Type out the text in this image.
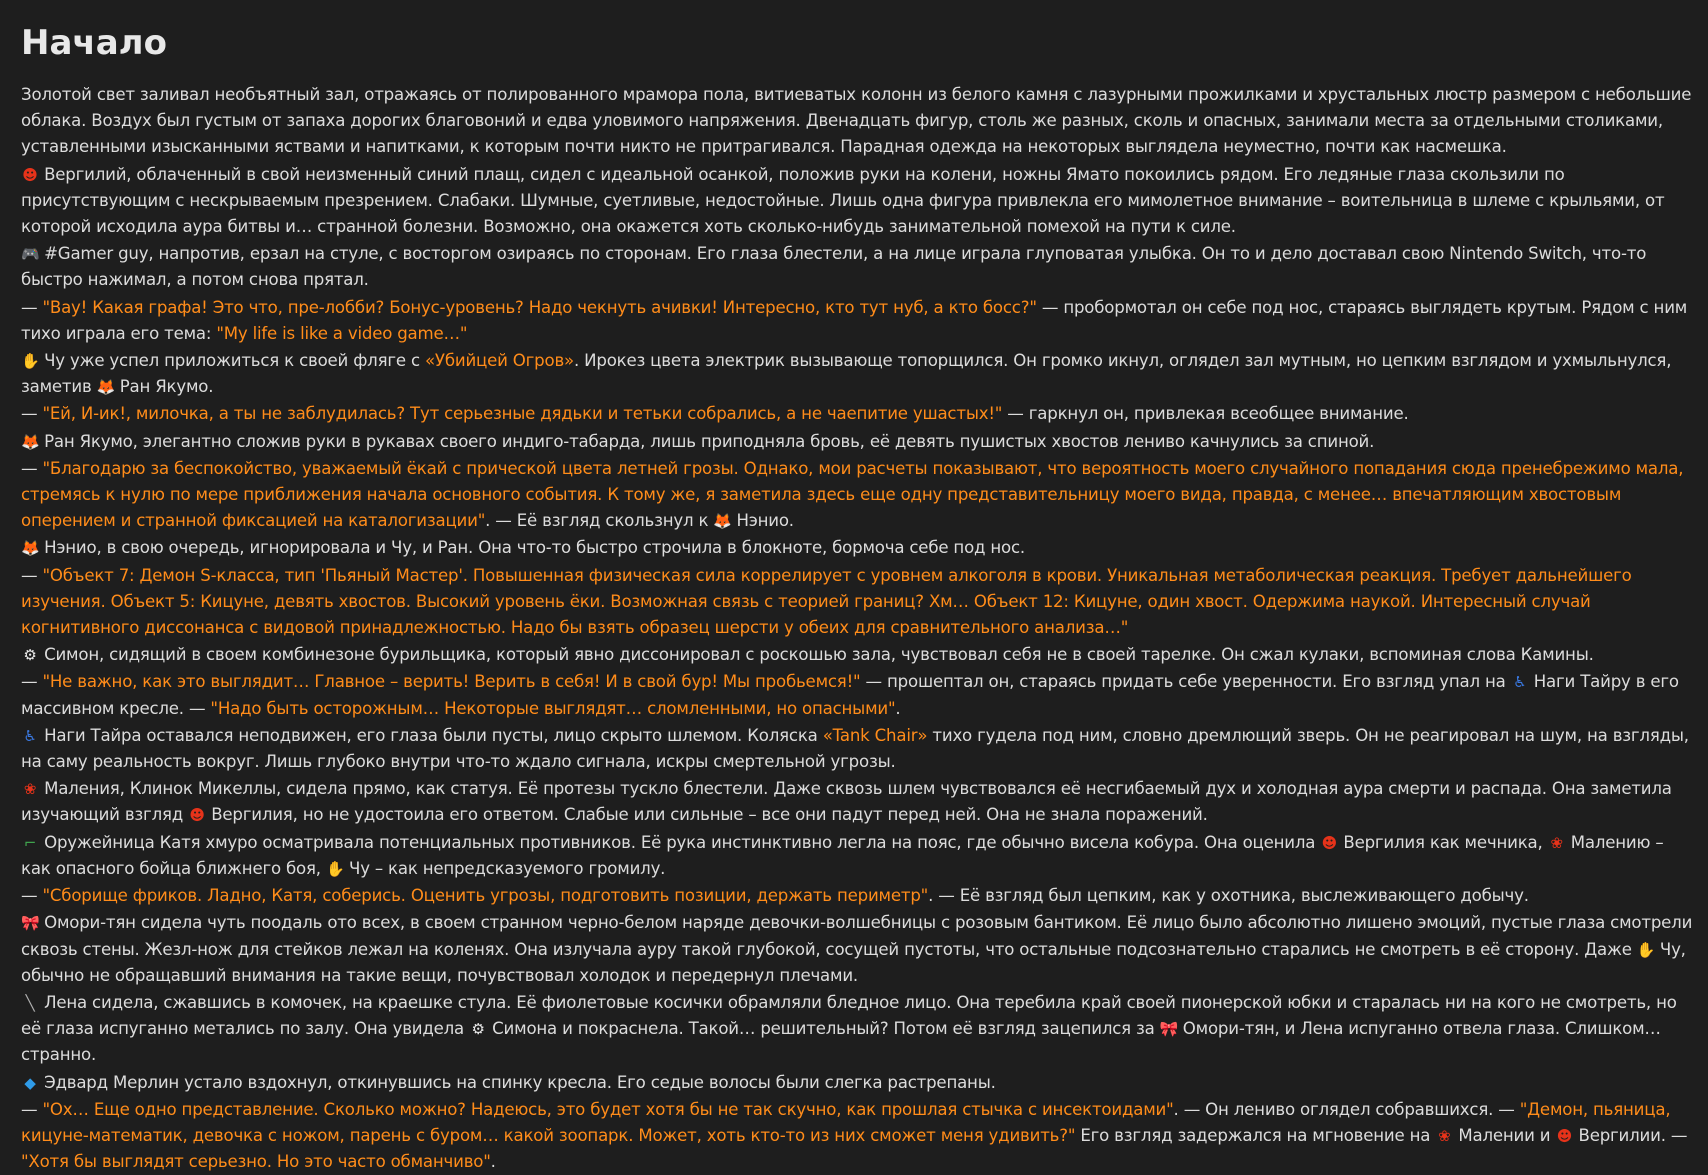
Начало

Золотой свет заливал необъятный зал, отражаясь от полированного мрамора пола, витиеватых колонн из белого камня с лазурными прожилками и хрустальных люстр размером с небольшие облака. Воздух был густым от запаха дорогих благовоний и едва уловимого напряжения. Двенадцать фигур, столь же разных, сколь и опасных, занимали места за отдельными столиками, уставленными изысканными яствами и напитками, к которым почти никто не притрагивался. Парадная одежда на некоторых выглядела неуместно, почти как насмешка.

☻ Вергилий, облаченный в свой неизменный синий плащ, сидел с идеальной осанкой, положив руки на колени, ножны Ямато покоились рядом. Его ледяные глаза скользили по присутствующим с нескрываемым презрением. Слабаки. Шумные, суетливые, недостойные. Лишь одна фигура привлекла его мимолетное внимание – воительница в шлеме с крыльями, от которой исходила аура битвы и… странной болезни. Возможно, она окажется хоть сколько-нибудь занимательной помехой на пути к силе.

🎮 #Gamer guy, напротив, ерзал на стуле, с восторгом озираясь по сторонам. Его глаза блестели, а на лице играла глуповатая улыбка. Он то и дело доставал свою Nintendo Switch, что-то быстро нажимал, а потом снова прятал.

— "Вау! Какая графа! Это что, пре-лобби? Бонус-уровень? Надо чекнуть ачивки! Интересно, кто тут нуб, а кто босс?" — пробормотал он себе под нос, стараясь выглядеть крутым. Рядом с ним тихо играла его тема: "My life is like a video game…"

✋ Чу уже успел приложиться к своей фляге с «Убийцей Огров». Ирокез цвета электрик вызывающе топорщился. Он громко икнул, оглядел зал мутным, но цепким взглядом и ухмыльнулся, заметив 🦊 Ран Якумо.

— "Ей, И-ик!, милочка, а ты не заблудилась? Тут серьезные дядьки и тетьки собрались, а не чаепитие ушастых!" — гаркнул он, привлекая всеобщее внимание.

🦊 Ран Якумо, элегантно сложив руки в рукавах своего индиго-табарда, лишь приподняла бровь, её девять пушистых хвостов лениво качнулись за спиной.

— "Благодарю за беспокойство, уважаемый ёкай с прической цвета летней грозы. Однако, мои расчеты показывают, что вероятность моего случайного попадания сюда пренебрежимо мала, стремясь к нулю по мере приближения начала основного события. К тому же, я заметила здесь еще одну представительницу моего вида, правда, с менее… впечатляющим хвостовым оперением и странной фиксацией на каталогизации". — Её взгляд скользнул к 🦊 Нэнио.

🦊 Нэнио, в свою очередь, игнорировала и Чу, и Ран. Она что-то быстро строчила в блокноте, бормоча себе под нос.

— "Объект 7: Демон S-класса, тип 'Пьяный Мастер'. Повышенная физическая сила коррелирует с уровнем алкоголя в крови. Уникальная метаболическая реакция. Требует дальнейшего изучения. Объект 5: Кицуне, девять хвостов. Высокий уровень ёки. Возможная связь с теорией границ? Хм… Объект 12: Кицуне, один хвост. Одержима наукой. Интересный случай когнитивного диссонанса с видовой принадлежностью. Надо бы взять образец шерсти у обеих для сравнительного анализа…"

⚙ Симон, сидящий в своем комбинезоне бурильщика, который явно диссонировал с роскошью зала, чувствовал себя не в своей тарелке. Он сжал кулаки, вспоминая слова Камины.

— "Не важно, как это выглядит… Главное – верить! Верить в себя! И в свой бур! Мы пробьемся!" — прошептал он, стараясь придать себе уверенности. Его взгляд упал на ♿ Наги Тайру в его массивном кресле. — "Надо быть осторожным… Некоторые выглядят… сломленными, но опасными".

♿ Наги Тайра оставался неподвижен, его глаза были пусты, лицо скрыто шлемом. Коляска «Tank Chair» тихо гудела под ним, словно дремлющий зверь. Он не реагировал на шум, на взгляды, на саму реальность вокруг. Лишь глубоко внутри что-то ждало сигнала, искры смертельной угрозы.

❀ Маления, Клинок Микеллы, сидела прямо, как статуя. Её протезы тускло блестели. Даже сквозь шлем чувствовался её несгибаемый дух и холодная аура смерти и распада. Она заметила изучающий взгляд ☻ Вергилия, но не удостоила его ответом. Слабые или сильные – все они падут перед ней. Она не знала поражений.

⌐ Оружейница Катя хмуро осматривала потенциальных противников. Её рука инстинктивно легла на пояс, где обычно висела кобура. Она оценила ☻ Вергилия как мечника, ❀ Малению – как опасного бойца ближнего боя, ✋ Чу – как непредсказуемого громилу.

— "Сборище фриков. Ладно, Катя, соберись. Оценить угрозы, подготовить позиции, держать периметр". — Её взгляд был цепким, как у охотника, выслеживающего добычу.

🎀 Омори-тян сидела чуть поодаль ото всех, в своем странном черно-белом наряде девочки-волшебницы с розовым бантиком. Её лицо было абсолютно лишено эмоций, пустые глаза смотрели сквозь стены. Жезл-нож для стейков лежал на коленях. Она излучала ауру такой глубокой, сосущей пустоты, что остальные подсознательно старались не смотреть в её сторону. Даже ✋ Чу, обычно не обращавший внимания на такие вещи, почувствовал холодок и передернул плечами.

╲ Лена сидела, сжавшись в комочек, на краешке стула. Её фиолетовые косички обрамляли бледное лицо. Она теребила край своей пионерской юбки и старалась ни на кого не смотреть, но её глаза испуганно метались по залу. Она увидела ⚙ Симона и покраснела. Такой… решительный? Потом её взгляд зацепился за 🎀 Омори-тян, и Лена испуганно отвела глаза. Слишком… странно.

◆ Эдвард Мерлин устало вздохнул, откинувшись на спинку кресла. Его седые волосы были слегка растрепаны.

— "Ох… Еще одно представление. Сколько можно? Надеюсь, это будет хотя бы не так скучно, как прошлая стычка с инсектоидами". — Он лениво оглядел собравшихся. — "Демон, пьяница, кицуне-математик, девочка с ножом, парень с буром… какой зоопарк. Может, хоть кто-то из них сможет меня удивить?" Его взгляд задержался на мгновение на ❀ Малении и ☻ Вергилии. — "Хотя бы выглядят серьезно. Но это часто обманчиво".
